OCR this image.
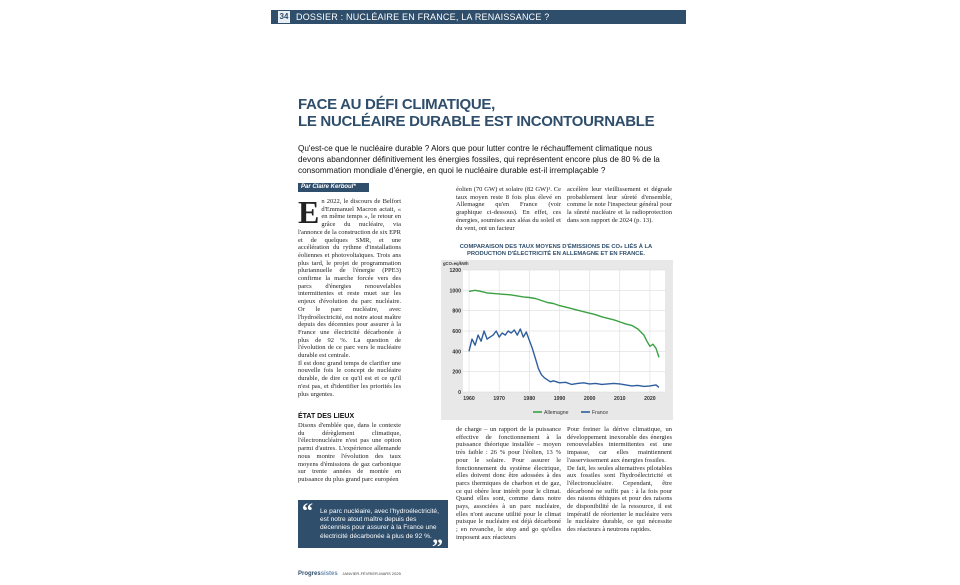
34 DOSSIER : NUCLÉAIRE EN FRANCE, LA RENAISSANCE ?
FACE AU DÉFI CLIMATIQUE,
LE NUCLÉAIRE DURABLE EST INCONTOURNABLE
Qu'est-ce que le nucléaire durable ? Alors que pour lutter contre le réchauffement climatique nous devons abandonner définitivement les énergies fossiles, qui représentent encore plus de 80 % de la consommation mondiale d'énergie, en quoi le nucléaire durable est-il irremplaçable ?
Par Claire Kerboul*
E n 2022, le discours de Belfort d'Emmanuel Macron actait, « en même temps », le retour en grâce du nucléaire, via l'annonce de la construction de six EPR et de quelques SMR, et une accélération du rythme d'installations éoliennes et photovoltaïques. Trois ans plus tard, le projet de programmation pluriannuelle de l'énergie (PPE3) confirme la marche forcée vers des parcs d'énergies renouvelables intermittentes et reste muet sur les enjeux d'évolution du parc nucléaire. Or le parc nucléaire, avec l'hydroélectricité, est notre atout maître depuis des décennies pour assurer à la France une électricité décarbonée à plus de 92 %. La question de l'évolution de ce parc vers le nucléaire durable est centrale.

Il est donc grand temps de clarifier une nouvelle fois le concept de nucléaire durable, de dire ce qu'il est et ce qu'il n'est pas, et d'identifier les priorités les plus urgentes.

ÉTAT DES LIEUX

Disons d'emblée que, dans le contexte du dérèglement climatique, l'électronucléaire n'est pas une option parmi d'autres. L'expérience allemande nous montre l'évolution des taux moyens d'émissions de gaz carbonique sur trente années de montée en puissance du plus grand parc européen

éolien (70 GW) et solaire (82 GW)¹. Ce taux moyen reste 8 fois plus élevé en Allemagne qu'en France (voir graphique ci-dessous). En effet, ces énergies, soumises aux aléas du soleil et du vent, ont un facteur

accélère leur vieillissement et dégrade probablement leur sûreté d'ensemble, comme le note l'inspecteur général pour la sûreté nucléaire et la radioprotection dans son rapport de 2024 (p. 13).

COMPARAISON DES TAUX MOYENS D'ÉMISSIONS DE CO₂ LIÉS À LA PRODUCTION D'ÉLECTRICITÉ EN ALLEMAGNE ET EN FRANCE.
0
200
400
600
800
1000
1200
1960	1970	1980	1990	2000	2010	2020
gCO₂eq/kWh
Allemagne	France

de charge – un rapport de la puissance effective de fonctionnement à la puissance théorique installée – moyen très faible : 26 % pour l'éolien, 13 % pour le solaire. Pour assurer le fonctionnement du système électrique, elles doivent donc être adossées à des parcs thermiques de charbon et de gaz, ce qui obère leur intérêt pour le climat. Quand elles sont, comme dans notre pays, associées à un parc nucléaire, elles n'ont aucune utilité pour le climat puisque le nucléaire est déjà décarboné ; en revanche, le stop and go qu'elles imposent aux réacteurs

Pour freiner la dérive climatique, un développement inexorable des énergies renouvelables intermittentes est une impasse, car elles maintiennent l'asservissement aux énergies fossiles.

De fait, les seules alternatives pilotables aux fossiles sont l'hydroélectricité et l'électronucléaire. Cependant, être décarboné ne suffit pas : à la fois pour des raisons éthiques et pour des raisons de disponibilité de la ressource, il est impératif de réorienter le nucléaire vers le nucléaire durable, ce qui nécessite des réacteurs à neutrons rapides.

“ Le parc nucléaire, avec l'hydroélectricité, est notre atout maître depuis des décennies pour assurer à la France une électricité décarbonée à plus de 92 %. ”
Progressistes JANVIER-FÉVRIER-MARS 2025
